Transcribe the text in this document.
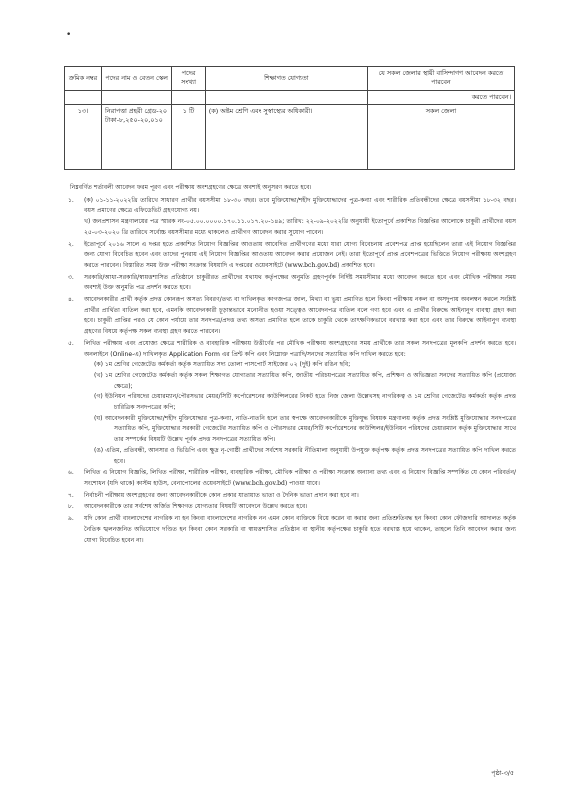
•
ক্রমিক নম্বর	পদের নাম ও বেতন স্কেল	পদের সংখ্যা	শিক্ষাগত যোগ্যতা	যে সকল জেলার স্থায়ী বাসিন্দাগণ আবেদন করতে পারবেন
				করতে পারবেন।
১৩।	নিরাপত্তা প্রহরী গ্রেড-২০ টাকা-৮,২৫০-২০,০১০	১ টি	(ক) অষ্টম শ্রেণি এবং সুস্বাস্থ্যের অধিকারী।	সকল জেলা

নিম্নবর্ণিত শর্তাবলী আবেদন ফরম পূরণ এবং পরীক্ষায় অংশগ্রহণের ক্ষেত্রে অবশ্যই অনুসরণ করতে হবে।

১. (ক) ০১-১১-২০২২খ্রি তারিখে সাধারণ প্রার্থীর বয়সসীমা ১৮-৩০ বছর। তবে মুক্তিযোদ্ধা/শহীদ মুক্তিযোদ্ধাদের পুত্র-কন্যা এবং শারীরিক প্রতিবন্ধীদের ক্ষেত্রে বয়সসীমা ১৮-৩২ বছর। বয়স প্রমাণের ক্ষেত্রে এফিডেভিট গ্রহণযোগ্য নয়।
খ) জনপ্রশাসন মন্ত্রণালয়ের পত্র স্মারক নং-০৫.০০.০০০০.১৭০.১১.০১৭.২০-১৪৯; তারিখ: ২২-০৯-২০২২খ্রি অনুযায়ী ইতোপূর্বে প্রকাশিত বিজ্ঞপ্তির আলোকে চাকুরী প্রার্থীদের বয়স ২৫-০৩-২০২০ খ্রি তারিখে সর্বোচ্চ বয়সসীমার মধ্যে থাকলেও প্রার্থীগণ আবেদন করার সুযোগ পাবেন।
২. ইতোপূর্বে ২০১৬ সালে এ দপ্তর হতে প্রকাশিত নিয়োগ বিজ্ঞপ্তির আওতায় আবেদিত প্রার্থীগণের মধ্যে যারা যোগ্য বিবেচনায় প্রবেশপত্র প্রাপ্ত হয়েছিলেন তারা এই নিয়োগ বিজ্ঞপ্তির জন্য যোগ্য বিবেচিত হবেন এবং তাদের পুনরায় এই নিয়োগ বিজ্ঞপ্তির আওতায় আবেদন করার প্রয়োজন নেই। তারা ইতোপূর্বে প্রাপ্ত প্রবেশপত্রের ভিত্তিতে নিয়োগ পরীক্ষায় অংশগ্রহণ করতে পারবেন। বিস্তারিত সময় উক্ত পরীক্ষা সংক্রান্ত বিষয়াদি এ দপ্তরের ওয়েবসাইটে (www.bch.gov.bd) প্রকাশিত হবে।
৩. সরকারি/আধা-সরকারি/স্বায়ত্তশাসিত প্রতিষ্ঠানে চাকুরীরত প্রার্থীদের যথাযথ কর্তৃপক্ষের অনুমতি গ্রহণপূর্বক নির্দিষ্ট সময়সীমার মধ্যে আবেদন করতে হবে এবং মৌখিক পরীক্ষার সময় অবশ্যই উক্ত অনুমতি পত্র প্রদর্শন করতে হবে।
৪. আবেদনকারীর প্রার্থী কর্তৃক প্রদত্ত কোনরূপ অসত্য বিবরণ/তথ্য বা দাখিলকৃত কাগজপত্র জাল, মিথ্যা বা ভুয়া প্রমাণিত হলে কিংবা পরীক্ষায় নকল বা অসদুপায় অবলম্বন করলে সংশ্লিষ্ট প্রার্থীর প্রার্থিতা বাতিল করা হবে, এমনকি আবেদনকারী চূড়ান্তভাবে মনোনীত হওয়া সত্ত্বেও আবেদনপত্র বাতিল বলে গণ্য হবে এবং এ প্রার্থীর বিরুদ্ধে আইনানুগ ব্যবস্থা গ্রহণ করা হবে। চাকুরী প্রাপ্তির পরও যে কোন পর্যায়ে তার সনদপত্র/প্রদত্ত তথ্য অসত্য প্রমাণিত হলে তাকে চাকুরি থেকে তাৎক্ষণিকভাবে বরখাস্ত করা হবে এবং তার বিরুদ্ধে আইনানুগ ব্যবস্থা গ্রহণের বিষয়ে কর্তৃপক্ষ সকল ব্যবস্থা গ্রহণ করতে পারবেন।
৫. লিখিত পরীক্ষায় এবং প্রযোজ্য ক্ষেত্রে শারীরিক ও ব্যবহারিক পরীক্ষায় উত্তীর্ণের পর মৌখিক পরীক্ষায় অংশগ্রহণের সময় প্রার্থীকে তার সকল সনদপত্রের মূলকপি প্রদর্শন করতে হবে। অনলাইনে (Online-এ) দাখিলকৃত Application Form এর প্রিন্ট কপি এবং নিম্নোক্ত পত্রাদি/সনদের সত্যায়িত কপি দাখিল করতে হবে:
(ক) ১ম শ্রেণির গেজেটেড কর্মকর্তা কর্তৃক সত্যায়িত সদ্য তোলা পাসপোর্ট সাইজের ০২ (দুই) কপি রঙিন ছবি;
(খ) ১ম শ্রেণির গেজেটেড কর্মকর্তা কর্তৃক সকল শিক্ষাগত যোগ্যতার সত্যায়িত কপি, জাতীয় পরিচয়পত্রের সত্যায়িত কপি, প্রশিক্ষণ ও অভিজ্ঞতা সনদের সত্যায়িত কপি (প্রযোজ্য ক্ষেত্রে);
(গ) ইউনিয়ন পরিষদের চেয়ারম্যান/পৌরসভার মেয়র/সিটি কর্পোরেশনের কাউন্সিলরের নিকট হতে নিজ জেলা উল্লেখসহ নাগরিকত্ব ও ১ম শ্রেণির গেজেটেড কর্মকর্তা কর্তৃক প্রদত্ত চারিত্রিক সনদপত্রের কপি;
(ঘ) আবেদনকারী মুক্তিযোদ্ধা/শহীদ মুক্তিযোদ্ধার পুত্র-কন্যা, নাতি-নাতনি হলে তার স্বপক্ষে আবেদনকারীকে মুক্তিযুদ্ধ বিষয়ক মন্ত্রণালয় কর্তৃক প্রদত্ত সংশ্লিষ্ট মুক্তিযোদ্ধার সনদপত্রের সত্যায়িত কপি, মুক্তিযোদ্ধার সরকারী গেজেটের সত্যায়িত কপি ও পৌরসভার মেয়র/সিটি কর্পোরেশনের কাউন্সিলর/ইউনিয়ন পরিষদের চেয়ারম্যান কর্তৃক মুক্তিযোদ্ধার সাথে তার সম্পর্কের বিষয়টি উল্লেখ পূর্বক প্রদত্ত সনদপত্রের সত্যায়িত কপি।
(ঙ) এতিম, প্রতিবন্ধী, আনসার ও ভিডিপি এবং ক্ষুদ্র নৃ-গোষ্ঠী প্রার্থীদের সর্বশেষ সরকারি নীতিমালা অনুযায়ী উপযুক্ত কর্তৃপক্ষ কর্তৃক প্রদত্ত সনদপত্রের সত্যায়িত কপি দাখিল করতে হবে।
৬. লিখিত এ নিয়োগ বিজ্ঞপ্তি, লিখিত পরীক্ষা, শারীরিক পরীক্ষা, ব্যবহারিক পরীক্ষা, মৌখিক পরীক্ষা ও পরীক্ষা সংক্রান্ত অন্যান্য তথ্য এবং এ নিয়োগ বিজ্ঞপ্তি সম্পর্কিত যে কোন পরিবর্তন/সংশোধন (যদি থাকে) কাস্টম হাউস, বেনাপোলের ওয়েবসাইটে (www.bch.gov.bd) পাওয়া যাবে।
৭. নির্বাচনী পরীক্ষায় অংশগ্রহণের জন্য আবেদনকারীকে কোন প্রকার যাতায়াত ভাতা ও দৈনিক ভাতা প্রদান করা হবে না।
৮. আবেদনকারীকে তার সর্বশেষ অর্জিত শিক্ষাগত যোগ্যতার বিষয়টি আবেদনে উল্লেখ করতে হবে।
৯. যদি কোন প্রার্থী বাংলাদেশের নাগরিক না হন কিংবা বাংলাদেশের নাগরিক নন এমন কোন ব্যক্তিকে বিয়ে করেন বা করার জন্য প্রতিশ্রুতিবদ্ধ হন কিংবা কোন ফৌজদারি আদালত কর্তৃক নৈতিক স্খলনজনিত অভিযোগে দণ্ডিত হন কিংবা কোন সরকারি বা স্বায়ত্তশাসিত প্রতিষ্ঠান বা স্থানীয় কর্তৃপক্ষের চাকুরি হতে বরখাস্ত হয়ে থাকেন, তাহলে তিনি আবেদন করার জন্য যোগ্য বিবেচিত হবেন না।
পৃষ্ঠা-৩/৫
